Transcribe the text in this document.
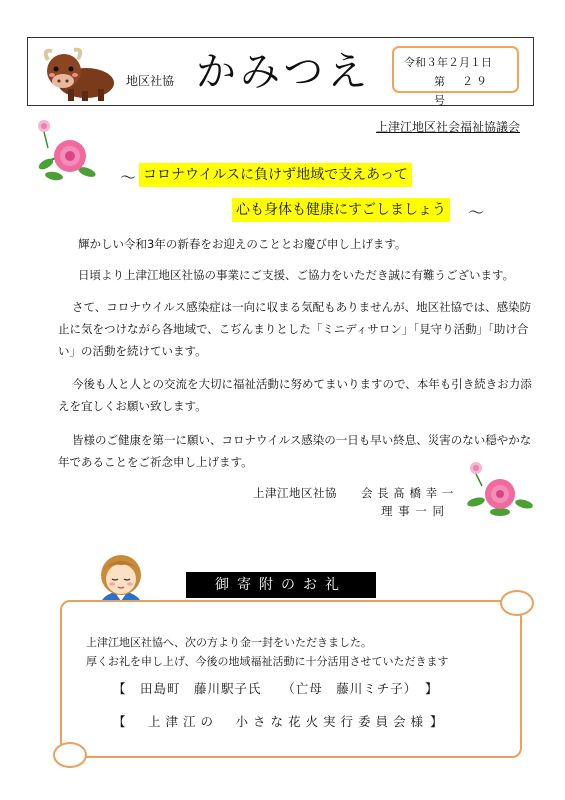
地区社協 かみつえ	令和３年２月１日
第　２９　号
上津江地区社会福祉協議会
～ コロナウイルスに負けず地域で支えあって
心も身体も健康にすごしましょう ～
輝かしい令和3年の新春をお迎えのこととお慶び申し上げます。
日頃より上津江地区社協の事業にご支援、ご協力をいただき誠に有難うございます。
さて、コロナウイルス感染症は一向に収まる気配もありませんが、地区社協では、感染防止に気をつけながら各地域で、こぢんまりとした「ミニディサロン」「見守り活動」「助け合い」の活動を続けています。
今後も人と人との交流を大切に福祉活動に努めてまいりますので、本年も引き続きお力添えを宜しくお願い致します。
皆様のご健康を第一に願い、コロナウイルス感染の一日も早い終息、災害のない穏やかな年であることをご祈念申し上げます。
上津江地区社協　　会 長 髙 橋 幸 一
理 事 一 同
御寄附のお礼
上津江地区社協へ、次の方より金一封をいただきました。
厚くお礼を申し上げ、今後の地域福祉活動に十分活用させていただきます
【　田島町　藤川駅子氏　　（亡母　藤川ミチ子） 】
【　上津江の　小さな花火実行委員会様 】
